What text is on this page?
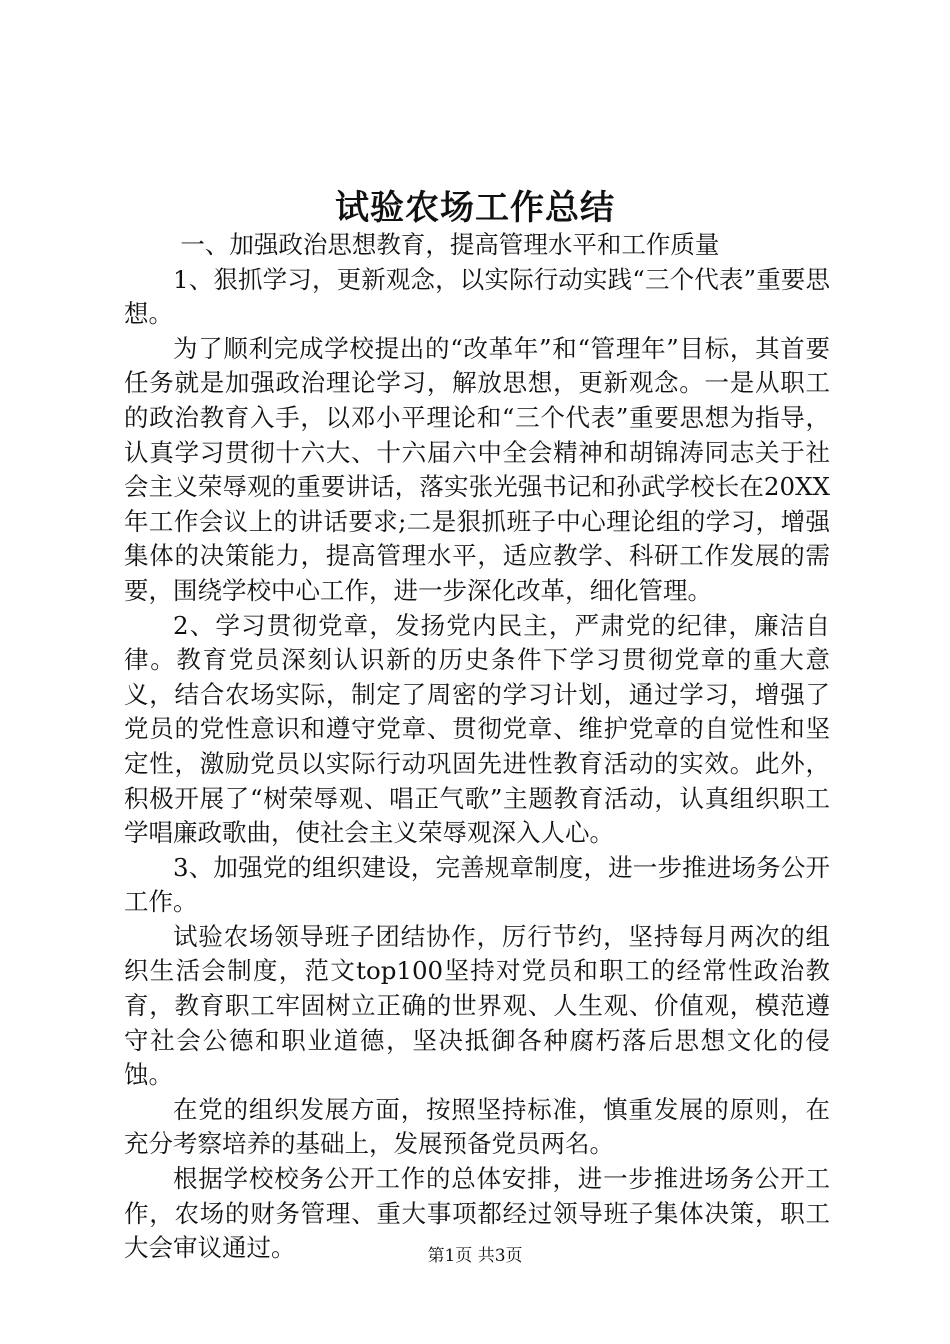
试验农场工作总结

一、加强政治思想教育，提高管理水平和工作质量

1、狠抓学习，更新观念，以实际行动实践“三个代表”重要思想。

为了顺利完成学校提出的“改革年”和“管理年”目标，其首要任务就是加强政治理论学习，解放思想，更新观念。一是从职工的政治教育入手，以邓小平理论和“三个代表”重要思想为指导，认真学习贯彻十六大、十六届六中全会精神和胡锦涛同志关于社会主义荣辱观的重要讲话，落实张光强书记和孙武学校长在20XX年工作会议上的讲话要求;二是狠抓班子中心理论组的学习，增强集体的决策能力，提高管理水平，适应教学、科研工作发展的需要，围绕学校中心工作，进一步深化改革，细化管理。

2、学习贯彻党章，发扬党内民主，严肃党的纪律，廉洁自律。教育党员深刻认识新的历史条件下学习贯彻党章的重大意义，结合农场实际，制定了周密的学习计划，通过学习，增强了党员的党性意识和遵守党章、贯彻党章、维护党章的自觉性和坚定性，激励党员以实际行动巩固先进性教育活动的实效。此外，积极开展了“树荣辱观、唱正气歌”主题教育活动，认真组织职工学唱廉政歌曲，使社会主义荣辱观深入人心。

3、加强党的组织建设，完善规章制度，进一步推进场务公开工作。

试验农场领导班子团结协作，厉行节约，坚持每月两次的组织生活会制度，范文top100坚持对党员和职工的经常性政治教育，教育职工牢固树立正确的世界观、人生观、价值观，模范遵守社会公德和职业道德，坚决抵御各种腐朽落后思想文化的侵蚀。

在党的组织发展方面，按照坚持标准，慎重发展的原则，在充分考察培养的基础上，发展预备党员两名。

根据学校校务公开工作的总体安排，进一步推进场务公开工作，农场的财务管理、重大事项都经过领导班子集体决策，职工大会审议通过。	第1页 共3页
